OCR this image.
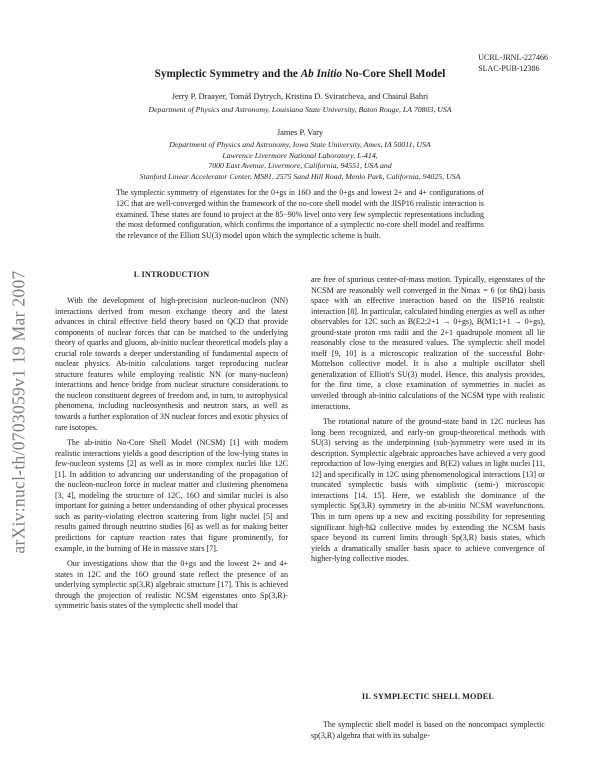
arXiv:nucl-th/0703059v1 19 Mar 2007
UCRL-JRNL-227466
SLAC-PUB-12386
Symplectic Symmetry and the Ab Initio No-Core Shell Model
Jerry P. Draayer, Tomáš Dytrych, Kristina D. Sviratcheva, and Chairul Bahri
Department of Physics and Astronomy, Louisiana State University, Baton Rouge, LA 70803, USA
James P. Vary
Department of Physics and Astronomy, Iowa State University, Ames, IA 50011, USA
Lawrence Livermore National Laboratory, L-414,
7000 East Avenue, Livermore, California, 94551, USA and
Stanford Linear Accelerator Center, MS81, 2575 Sand Hill Road, Menlo Park, California, 94025, USA
The symplectic symmetry of eigenstates for the 0+gs in 16O and the 0+gs and lowest 2+ and 4+ configurations of 12C that are well-converged within the framework of the no-core shell model with the JISP16 realistic interaction is examined. These states are found to project at the 85−90% level onto very few symplectic representations including the most deformed configuration, which confirms the importance of a symplectic no-core shell model and reaffirms the relevance of the Elliott SU(3) model upon which the symplectic scheme is built.
I. INTRODUCTION

With the development of high-precision nucleon-nucleon (NN) interactions derived from meson exchange theory and the latest advances in chiral effective field theory based on QCD that provide components of nuclear forces that can be matched to the underlying theory of quarks and gluons, ab-initio nuclear theoretical models play a crucial role towards a deeper understanding of fundamental aspects of nuclear physics. Ab-initio calculations target reproducing nuclear structure features while employing realistic NN (or many-nucleon) interactions and hence bridge from nuclear structure considerations to the nucleon constituent degrees of freedom and, in turn, to astrophysical phenomena, including nucleosynthesis and neutron stars, as well as towards a further exploration of 3N nuclear forces and exotic physics of rare isotopes.

The ab-initio No-Core Shell Model (NCSM) [1] with modern realistic interactions yields a good description of the low-lying states in few-nucleon systems [2] as well as in more complex nuclei like 12C [1]. In addition to advancing our understanding of the propagation of the nucleon-nucleon force in nuclear matter and clustering phenomena [3, 4], modeling the structure of 12C, 16O and similar nuclei is also important for gaining a better understanding of other physical processes such as parity-violating electron scattering from light nuclei [5] and results gained through neutrino studies [6] as well as for making better predictions for capture reaction rates that figure prominently, for example, in the burning of He in massive stars [7].

Our investigations show that the 0+gs and the lowest 2+ and 4+ states in 12C and the 16O ground state reflect the presence of an underlying symplectic sp(3,R) algebraic structure [17]. This is achieved through the projection of realistic NCSM eigenstates onto Sp(3,R)-symmetric basis states of the symplectic shell model that

are free of spurious center-of-mass motion. Typically, eigenstates of the NCSM are reasonably well converged in the Nmax = 6 (or 6ħΩ) basis space with an effective interaction based on the JISP16 realistic interaction [8]. In particular, calculated binding energies as well as other observables for 12C such as B(E2;2+1 → 0+gs), B(M1;1+1 → 0+gs), ground-state proton rms radii and the 2+1 quadrupole moment all lie reasonably close to the measured values. The symplectic shell model itself [9, 10] is a microscopic realization of the successful Bohr-Mottelson collective model. It is also a multiple oscillator shell generalization of Elliott's SU(3) model. Hence, this analysis provides, for the first time, a close examination of symmetries in nuclei as unveiled through ab-initio calculations of the NCSM type with realistic interactions.

The rotational nature of the ground-state band in 12C nucleus has long been recognized, and early-on group-theoretical methods with SU(3) serving as the underpinning (sub-)symmetry were used in its description. Symplectic algebraic approaches have achieved a very good reproduction of low-lying energies and B(E2) values in light nuclei [11, 12] and specifically in 12C using phenomenological interactions [13] or truncated symplectic basis with simplistic (semi-) microscopic interactions [14, 15]. Here, we establish the dominance of the symplectic Sp(3,R) symmetry in the ab-initio NCSM wavefunctions. This in turn opens up a new and exciting possibility for representing significant high-ħΩ collective modes by extending the NCSM basis space beyond its current limits through Sp(3,R) basis states, which yields a dramatically smaller basis space to achieve convergence of higher-lying collective modes.

II. SYMPLECTIC SHELL MODEL

The symplectic shell model is based on the noncompact symplectic sp(3,R) algebra that with its subalge-
